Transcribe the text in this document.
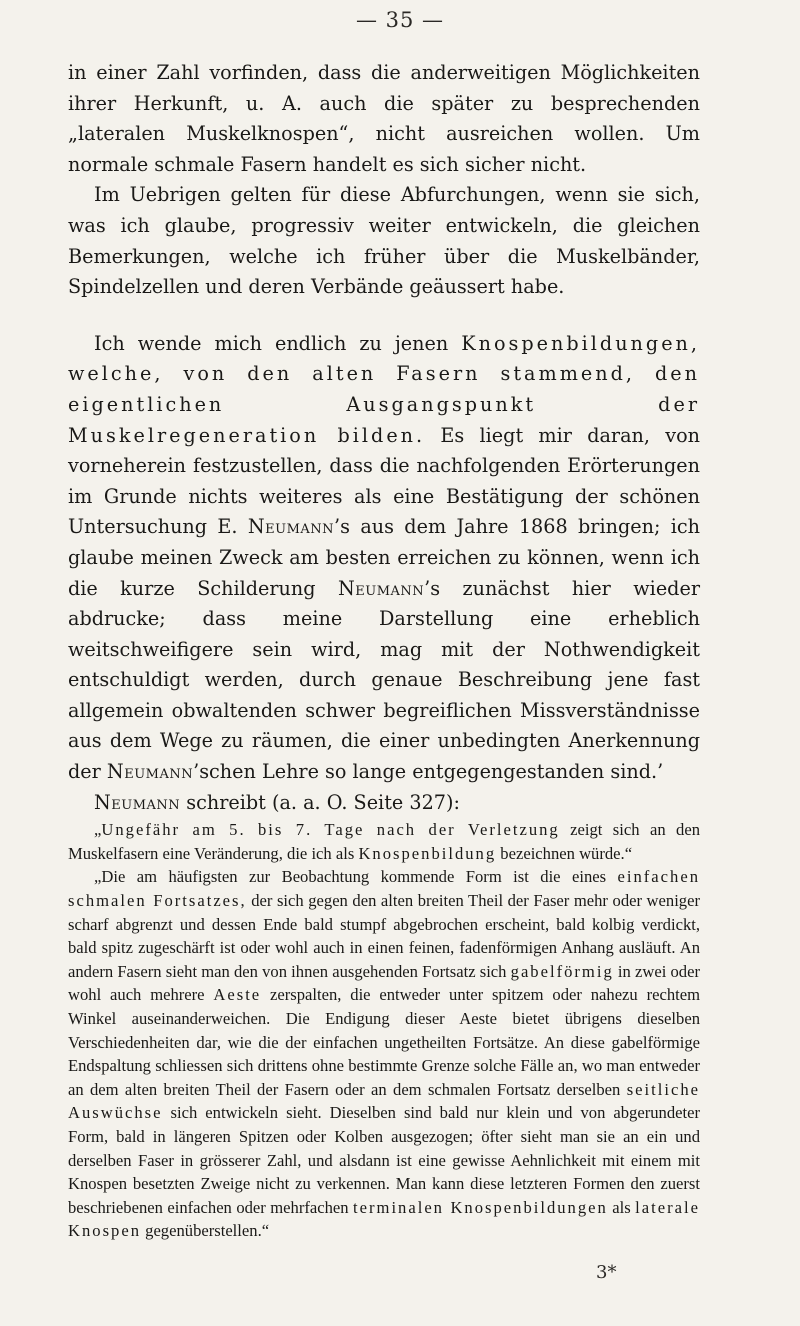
— 35 —

in einer Zahl vorfinden, dass die anderweitigen Möglichkeiten ihrer Herkunft, u. A. auch die später zu besprechenden „lateralen Muskelknospen“, nicht ausreichen wollen. Um normale schmale Fasern handelt es sich sicher nicht.

Im Uebrigen gelten für diese Abfurchungen, wenn sie sich, was ich glaube, progressiv weiter entwickeln, die gleichen Bemerkungen, welche ich früher über die Muskelbänder, Spindelzellen und deren Verbände geäussert habe.

Ich wende mich endlich zu jenen Knospenbildungen, welche, von den alten Fasern stammend, den eigentlichen Ausgangspunkt der Muskelregeneration bilden. Es liegt mir daran, von vorneherein festzustellen, dass die nachfolgenden Erörterungen im Grunde nichts weiteres als eine Bestätigung der schönen Untersuchung E. Neumann’s aus dem Jahre 1868 bringen; ich glaube meinen Zweck am besten erreichen zu können, wenn ich die kurze Schilderung Neumann’s zunächst hier wieder abdrucke; dass meine Darstellung eine erheblich weitschweifigere sein wird, mag mit der Nothwendigkeit entschuldigt werden, durch genaue Beschreibung jene fast allgemein obwaltenden schwer begreiflichen Missverständnisse aus dem Wege zu räumen, die einer unbedingten Anerkennung der Neumann’schen Lehre so lange entgegengestanden sind.’

Neumann schreibt (a. a. O. Seite 327):

„Ungefähr am 5. bis 7. Tage nach der Verletzung zeigt sich an den Muskelfasern eine Veränderung, die ich als Knospenbildung bezeichnen würde.“

„Die am häufigsten zur Beobachtung kommende Form ist die eines einfachen schmalen Fortsatzes, der sich gegen den alten breiten Theil der Faser mehr oder weniger scharf abgrenzt und dessen Ende bald stumpf abgebrochen erscheint, bald kolbig verdickt, bald spitz zugeschärft ist oder wohl auch in einen feinen, fadenförmigen Anhang ausläuft. An andern Fasern sieht man den von ihnen ausgehenden Fortsatz sich gabelförmig in zwei oder wohl auch mehrere Aeste zerspalten, die entweder unter spitzem oder nahezu rechtem Winkel auseinanderweichen. Die Endigung dieser Aeste bietet übrigens dieselben Verschiedenheiten dar, wie die der einfachen ungetheilten Fortsätze. An diese gabelförmige Endspaltung schliessen sich drittens ohne bestimmte Grenze solche Fälle an, wo man entweder an dem alten breiten Theil der Fasern oder an dem schmalen Fortsatz derselben seitliche Auswüchse sich entwickeln sieht. Dieselben sind bald nur klein und von abgerundeter Form, bald in längeren Spitzen oder Kolben ausgezogen; öfter sieht man sie an ein und derselben Faser in grösserer Zahl, und alsdann ist eine gewisse Aehnlichkeit mit einem mit Knospen besetzten Zweige nicht zu verkennen. Man kann diese letzteren Formen den zuerst beschriebenen einfachen oder mehrfachen terminalen Knospenbildungen als laterale Knospen gegenüberstellen.“

3*
